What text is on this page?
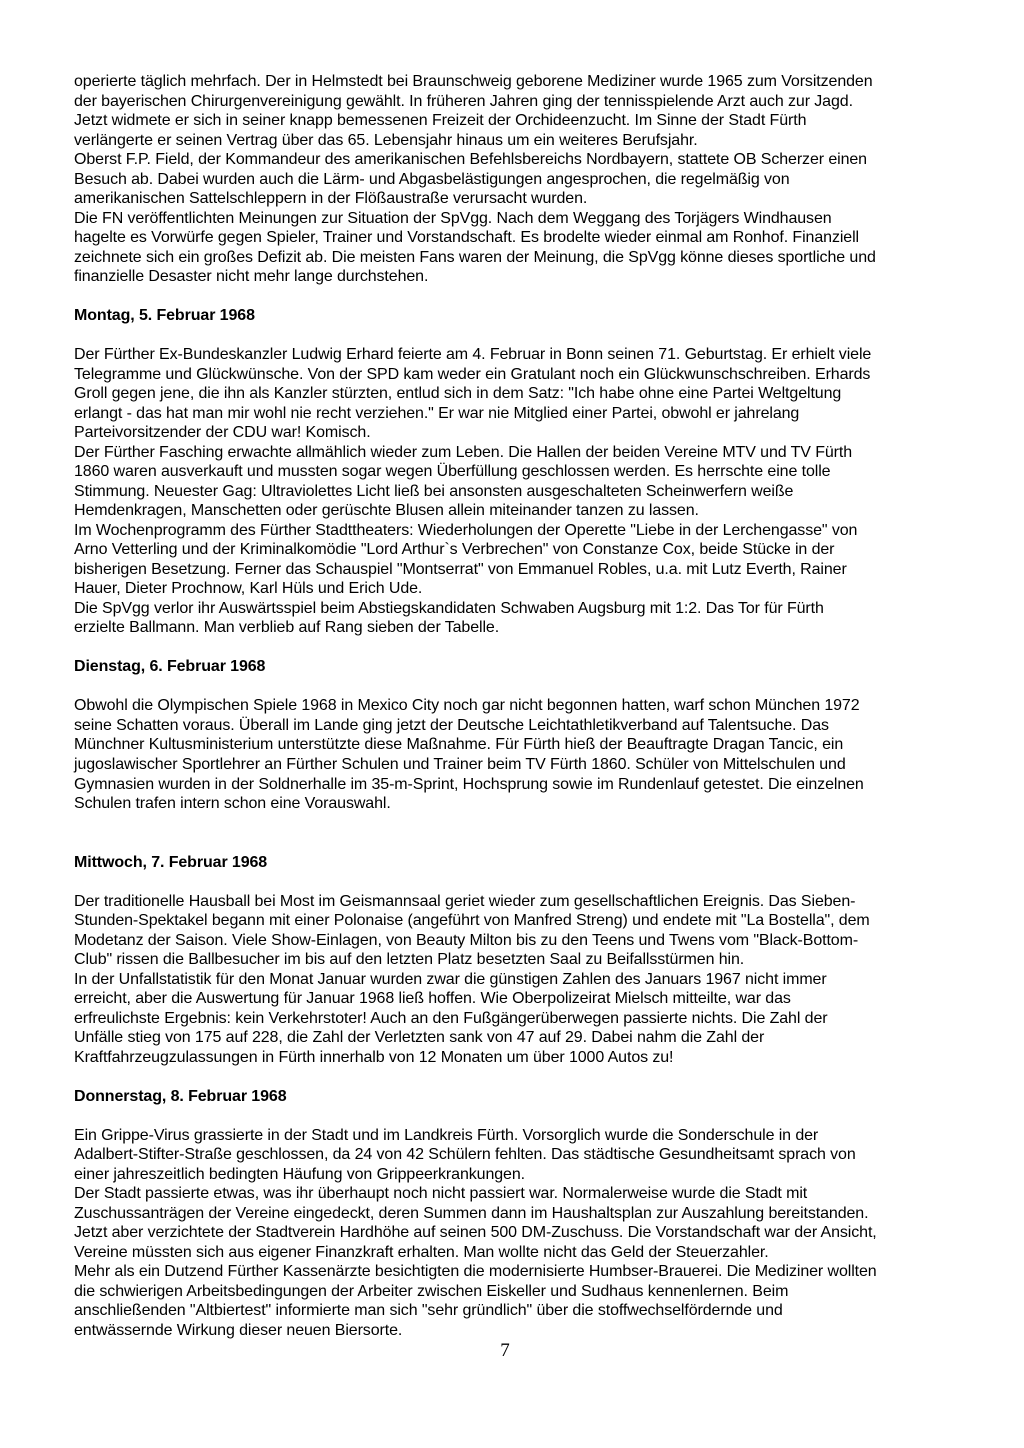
operierte täglich mehrfach. Der in Helmstedt bei Braunschweig geborene Mediziner wurde 1965 zum Vorsitzenden
der bayerischen Chirurgenvereinigung gewählt. In früheren Jahren ging der tennisspielende Arzt auch zur Jagd.
Jetzt widmete er sich in seiner knapp bemessenen Freizeit der Orchideenzucht. Im Sinne der Stadt Fürth
verlängerte er seinen Vertrag über das 65. Lebensjahr hinaus um ein weiteres Berufsjahr.
Oberst F.P. Field, der Kommandeur des amerikanischen Befehlsbereichs Nordbayern, stattete OB Scherzer einen
Besuch ab. Dabei wurden auch die Lärm- und Abgasbelästigungen angesprochen, die regelmäßig von
amerikanischen Sattelschleppern in der Flößaustraße verursacht wurden.
Die FN veröffentlichten Meinungen zur Situation der SpVgg. Nach dem Weggang des Torjägers Windhausen
hagelte es Vorwürfe gegen Spieler, Trainer und Vorstandschaft. Es brodelte wieder einmal am Ronhof. Finanziell
zeichnete sich ein großes Defizit ab. Die meisten Fans waren der Meinung, die SpVgg könne dieses sportliche und
finanzielle Desaster nicht mehr lange durchstehen.
Montag, 5. Februar 1968
Der Fürther Ex-Bundeskanzler Ludwig Erhard feierte am 4. Februar in Bonn seinen 71. Geburtstag. Er erhielt viele
Telegramme und Glückwünsche. Von der SPD kam weder ein Gratulant noch ein Glückwunschschreiben. Erhards
Groll gegen jene, die ihn als Kanzler stürzten, entlud sich in dem Satz: "Ich habe ohne eine Partei Weltgeltung
erlangt - das hat man mir wohl nie recht verziehen." Er war nie Mitglied einer Partei, obwohl er jahrelang
Parteivorsitzender der CDU war! Komisch.
Der Fürther Fasching erwachte allmählich wieder zum Leben. Die Hallen der beiden Vereine MTV und TV Fürth
1860 waren ausverkauft und mussten sogar wegen Überfüllung geschlossen werden. Es herrschte eine tolle
Stimmung. Neuester Gag: Ultraviolettes Licht ließ bei ansonsten ausgeschalteten Scheinwerfern weiße
Hemdenkragen, Manschetten oder gerüschte Blusen allein miteinander tanzen zu lassen.
Im Wochenprogramm des Fürther Stadttheaters: Wiederholungen der Operette "Liebe in der Lerchengasse" von
Arno Vetterling und der Kriminalkomödie "Lord Arthur`s Verbrechen" von Constanze Cox, beide Stücke in der
bisherigen Besetzung. Ferner das Schauspiel "Montserrat" von Emmanuel Robles, u.a. mit Lutz Everth, Rainer
Hauer, Dieter Prochnow, Karl Hüls und Erich Ude.
Die SpVgg verlor ihr Auswärtsspiel beim Abstiegskandidaten Schwaben Augsburg mit 1:2. Das Tor für Fürth
erzielte Ballmann. Man verblieb auf Rang sieben der Tabelle.
Dienstag, 6. Februar 1968
Obwohl die Olympischen Spiele 1968 in Mexico City noch gar nicht begonnen hatten, warf schon München 1972
seine Schatten voraus. Überall im Lande ging jetzt der Deutsche Leichtathletikverband auf Talentsuche. Das
Münchner Kultusministerium unterstützte diese Maßnahme. Für Fürth hieß der Beauftragte Dragan Tancic, ein
jugoslawischer Sportlehrer an Fürther Schulen und Trainer beim TV Fürth 1860. Schüler von Mittelschulen und
Gymnasien wurden in der Soldnerhalle im 35-m-Sprint, Hochsprung sowie im Rundenlauf getestet. Die einzelnen
Schulen trafen intern schon eine Vorauswahl.
Mittwoch, 7. Februar 1968
Der traditionelle Hausball bei Most im Geismannsaal geriet wieder zum gesellschaftlichen Ereignis. Das Sieben-
Stunden-Spektakel begann mit einer Polonaise (angeführt von Manfred Streng) und endete mit "La Bostella", dem
Modetanz der Saison. Viele Show-Einlagen, von Beauty Milton bis zu den Teens und Twens vom "Black-Bottom-
Club" rissen die Ballbesucher im bis auf den letzten Platz besetzten Saal zu Beifallsstürmen hin.
In der Unfallstatistik für den Monat Januar wurden zwar die günstigen Zahlen des Januars 1967 nicht immer
erreicht, aber die Auswertung für Januar 1968 ließ hoffen. Wie Oberpolizeirat Mielsch mitteilte, war das
erfreulichste Ergebnis: kein Verkehrstoter! Auch an den Fußgängerüberwegen passierte nichts. Die Zahl der
Unfälle stieg von 175 auf 228, die Zahl der Verletzten sank von 47 auf 29. Dabei nahm die Zahl der
Kraftfahrzeugzulassungen in Fürth innerhalb von 12 Monaten um über 1000 Autos zu!
Donnerstag, 8. Februar 1968
Ein Grippe-Virus grassierte in der Stadt und im Landkreis Fürth. Vorsorglich wurde die Sonderschule in der
Adalbert-Stifter-Straße geschlossen, da 24 von 42 Schülern fehlten. Das städtische Gesundheitsamt sprach von
einer jahreszeitlich bedingten Häufung von Grippeerkrankungen.
Der Stadt passierte etwas, was ihr überhaupt noch nicht passiert war. Normalerweise wurde die Stadt mit
Zuschussanträgen der Vereine eingedeckt, deren Summen dann im Haushaltsplan zur Auszahlung bereitstanden.
Jetzt aber verzichtete der Stadtverein Hardhöhe auf seinen 500 DM-Zuschuss. Die Vorstandschaft war der Ansicht,
Vereine müssten sich aus eigener Finanzkraft erhalten. Man wollte nicht das Geld der Steuerzahler.
Mehr als ein Dutzend Fürther Kassenärzte besichtigten die modernisierte Humbser-Brauerei. Die Mediziner wollten
die schwierigen Arbeitsbedingungen der Arbeiter zwischen Eiskeller und Sudhaus kennenlernen. Beim
anschließenden "Altbiertest" informierte man sich "sehr gründlich" über die stoffwechselfördernde und
entwässernde Wirkung dieser neuen Biersorte.
7
